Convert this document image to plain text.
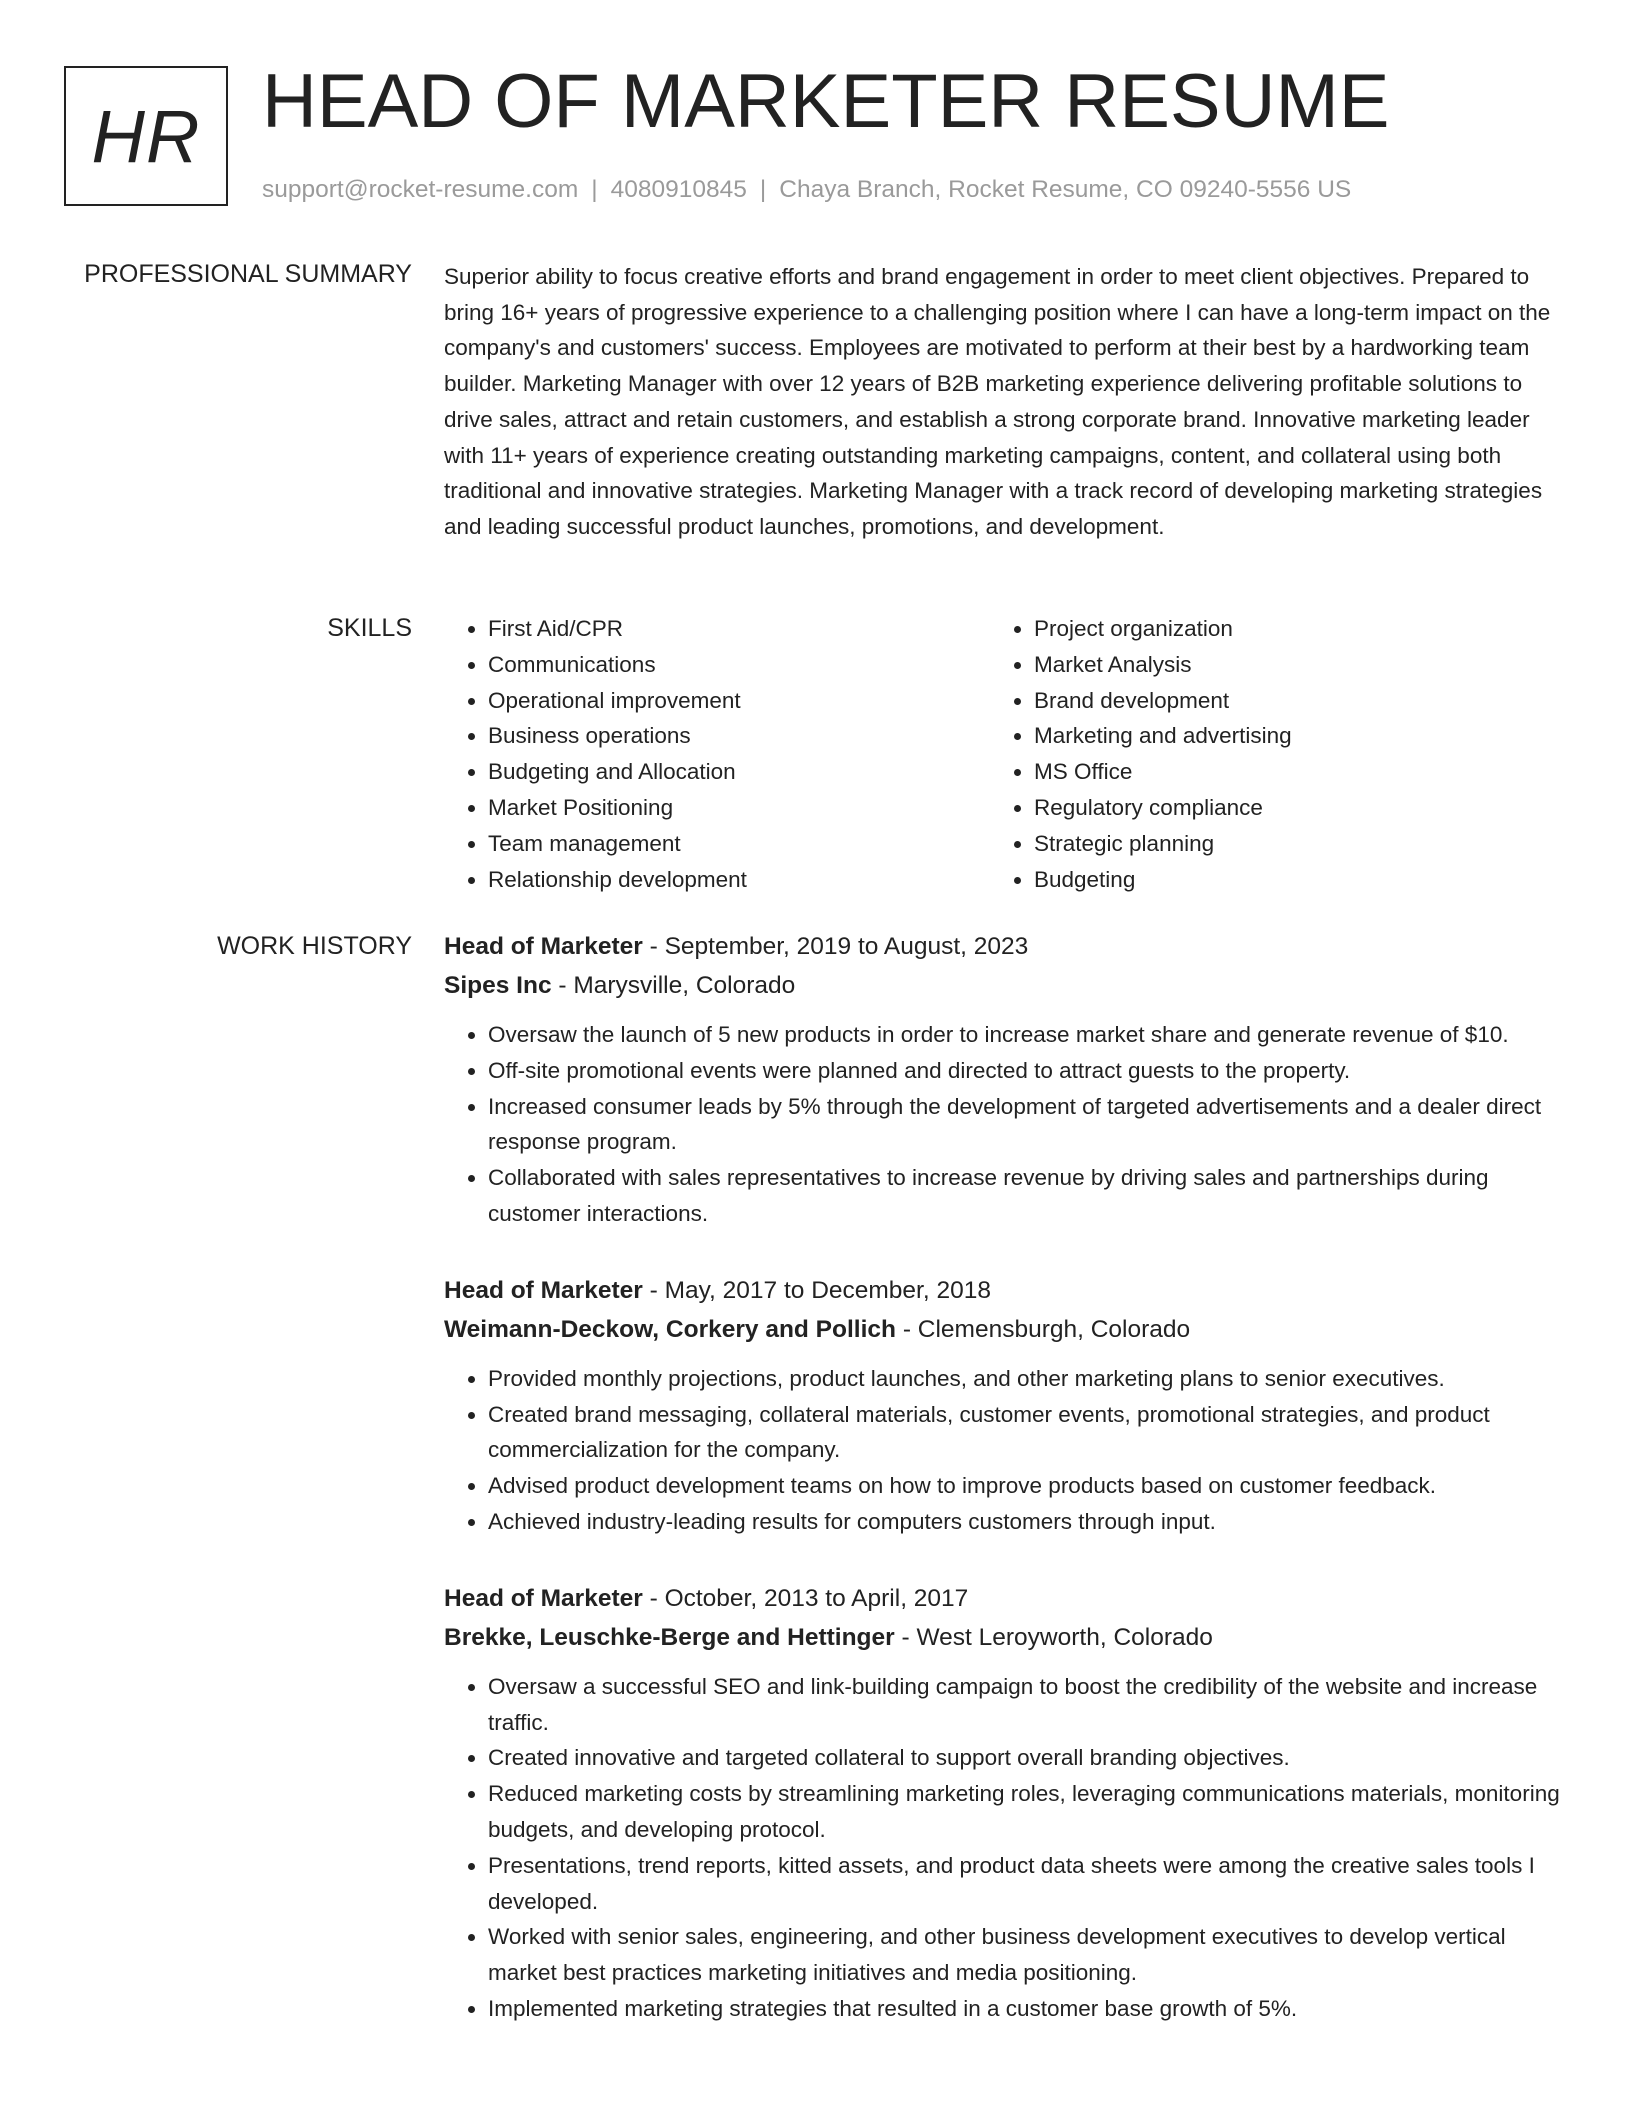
HR HEAD OF MARKETER RESUME
support@rocket-resume.com | 4080910845 | Chaya Branch, Rocket Resume, CO 09240-5556 US
PROFESSIONAL SUMMARY Superior ability to focus creative efforts and brand engagement in order to meet client objectives. Prepared to bring 16+ years of progressive experience to a challenging position where I can have a long-term impact on the company's and customers' success. Employees are motivated to perform at their best by a hardworking team builder. Marketing Manager with over 12 years of B2B marketing experience delivering profitable solutions to drive sales, attract and retain customers, and establish a strong corporate brand. Innovative marketing leader with 11+ years of experience creating outstanding marketing campaigns, content, and collateral using both traditional and innovative strategies. Marketing Manager with a track record of developing marketing strategies and leading successful product launches, promotions, and development.

SKILLS
•	First Aid/CPR
• Communications
• Operational improvement
• Business operations
• Budgeting and Allocation
• Market Positioning
• Team management
• Relationship development
• Project organization
• Market Analysis
• Brand development
• Marketing and advertising
• MS Office
• Regulatory compliance
• Strategic planning
• Budgeting
WORK HISTORY Head of Marketer - September, 2019 to August, 2023
Sipes Inc - Marysville, Colorado
• Oversaw the launch of 5 new products in order to increase market share and generate revenue of $10.
• Off-site promotional events were planned and directed to attract guests to the property.
• Increased consumer leads by 5% through the development of targeted advertisements and a dealer direct response program.
• Collaborated with sales representatives to increase revenue by driving sales and partnerships during customer interactions.
Head of Marketer - May, 2017 to December, 2018
Weimann-Deckow, Corkery and Pollich - Clemensburgh, Colorado
• Provided monthly projections, product launches, and other marketing plans to senior executives.
• Created brand messaging, collateral materials, customer events, promotional strategies, and product commercialization for the company.
• Advised product development teams on how to improve products based on customer feedback.
• Achieved industry-leading results for computers customers through input.
Head of Marketer - October, 2013 to April, 2017
Brekke, Leuschke-Berge and Hettinger - West Leroyworth, Colorado
• Oversaw a successful SEO and link-building campaign to boost the credibility of the website and increase traffic.
• Created innovative and targeted collateral to support overall branding objectives.
• Reduced marketing costs by streamlining marketing roles, leveraging communications materials, monitoring budgets, and developing protocol.
• Presentations, trend reports, kitted assets, and product data sheets were among the creative sales tools I developed.
• Worked with senior sales, engineering, and other business development executives to develop vertical market best practices marketing initiatives and media positioning.
• Implemented marketing strategies that resulted in a customer base growth of 5%.
